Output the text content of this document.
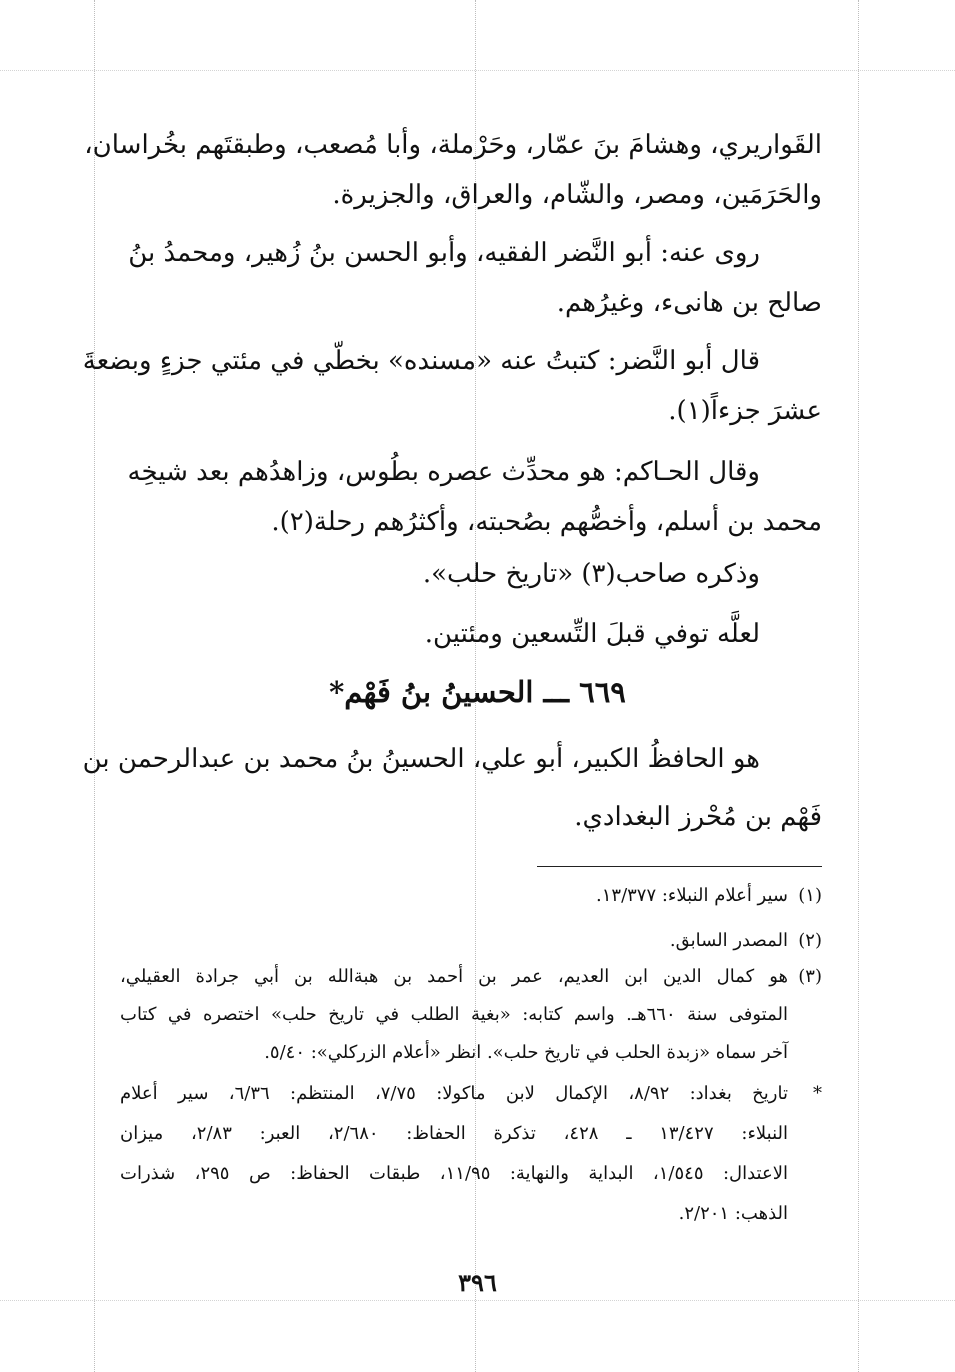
القَواريري، وهشامَ بنَ عمّار، وحَرْملة، وأبا مُصعب، وطبقتَهم بخُراسان،
والحَرَمَين، ومصر، والشّام، والعراق، والجزيرة.
روى عنه: أبو النَّضر الفقيه، وأبو الحسن بنُ زُهير، ومحمدُ بنُ
صالح بن هانىء، وغيرُهم.
قال أبو النَّضر: كتبتُ عنه «مسنده» بخطّي في مئتي جزءٍ وبضعةَ
عشرَ جزءاً(١).
وقال الحـاكم: هو محدِّث عصره بطُوس، وزاهدُهم بعد شيخِه
محمد بن أسلم، وأخصُّهم بصُحبته، وأكثرُهم رحلة(٢).
وذكره صاحب(٣) «تاريخ حلب».
لعلَّه توفي قبلَ التِّسعين ومئتين.
٦٦٩ ـــ الحسينُ بنُ فَهْم*
هو الحافظُ الكبير، أبو علي، الحسينُ بنُ محمد بن عبدالرحمن بن
فَهْم بن مُحْرز البغدادي.
(١)سير أعلام النبلاء: ١٣/٣٧٧.
(٢)المصدر السابق.
(٣)هو كمال الدين ابن العديم، عمر بن أحمد بن هبةالله بن أبي جرادة العقيلي،
المتوفى سنة ٦٦٠هـ. واسم كتابه: «بغية الطلب في تاريخ حلب» اختصره في كتاب
آخر سماه «زبدة الحلب في تاريخ حلب». انظر «أعلام الزركلي»: ٥/٤٠.
*تاريخ بغداد: ٨/٩٢، الإكمال لابن ماكولا: ٧/٧٥، المنتظم: ٦/٣٦، سير أعلام
النبلاء: ١٣/٤٢٧ ـ ٤٢٨، تذكرة الحفاظ: ٢/٦٨٠، العبر: ٢/٨٣، ميزان
الاعتدال: ١/٥٤٥، البداية والنهاية: ١١/٩٥، طبقات الحفاظ: ص ٢٩٥، شذرات
الذهب: ٢/٢٠١.
٣٩٦
